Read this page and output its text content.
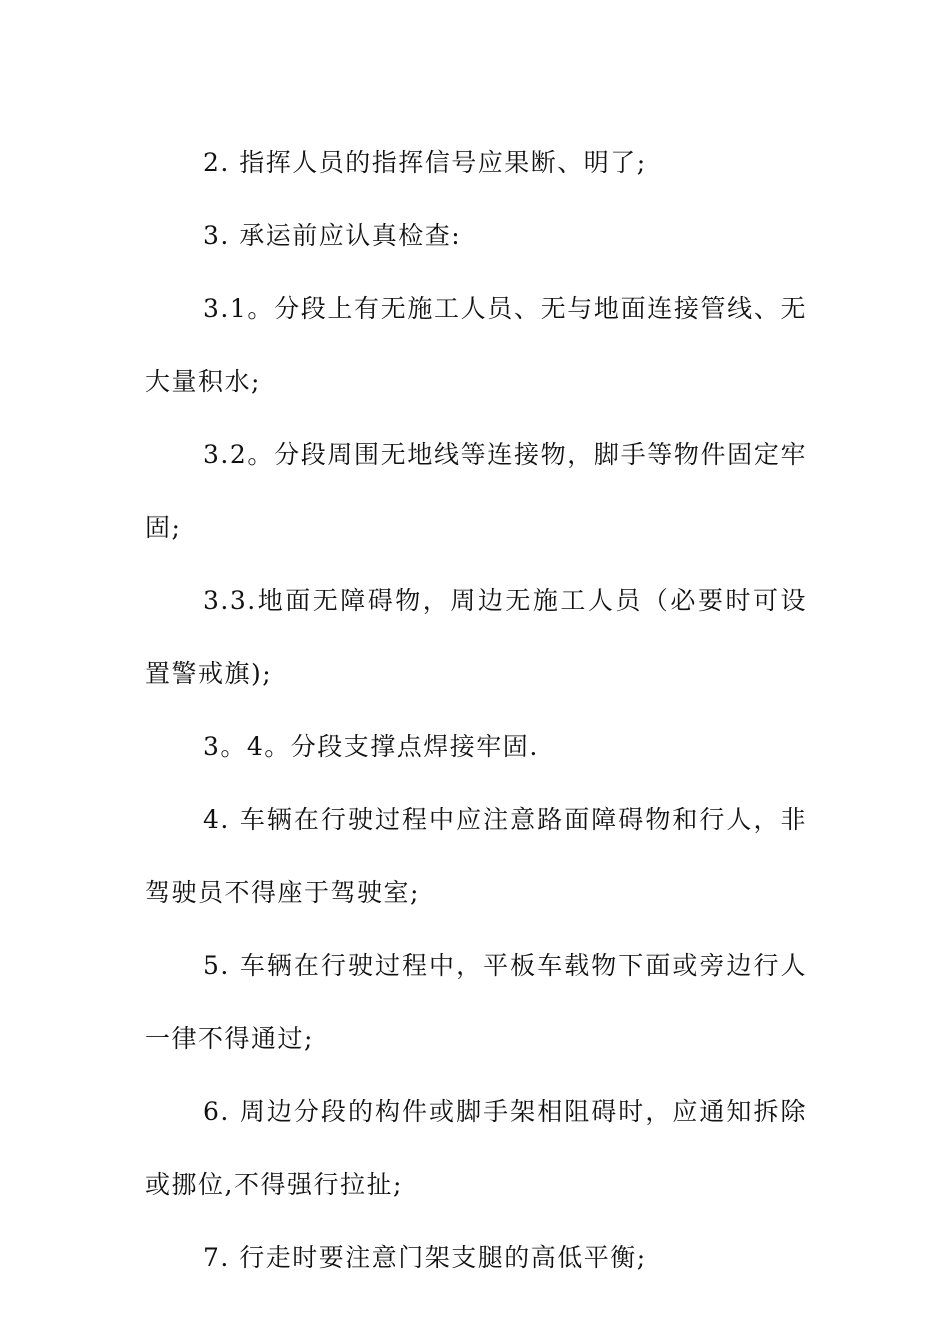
2. 指挥人员的指挥信号应果断、明了;

3. 承运前应认真检查:

3.1。分段上有无施工人员、无与地面连接管线、无大量积水;

3.2。分段周围无地线等连接物，脚手等物件固定牢固;

3.3.地面无障碍物，周边无施工人员（必要时可设置警戒旗);

3。4。分段支撑点焊接牢固.

4. 车辆在行驶过程中应注意路面障碍物和行人，非驾驶员不得座于驾驶室;

5. 车辆在行驶过程中，平板车载物下面或旁边行人一律不得通过;

6. 周边分段的构件或脚手架相阻碍时，应通知拆除或挪位,不得强行拉扯;

7. 行走时要注意门架支腿的高低平衡;
